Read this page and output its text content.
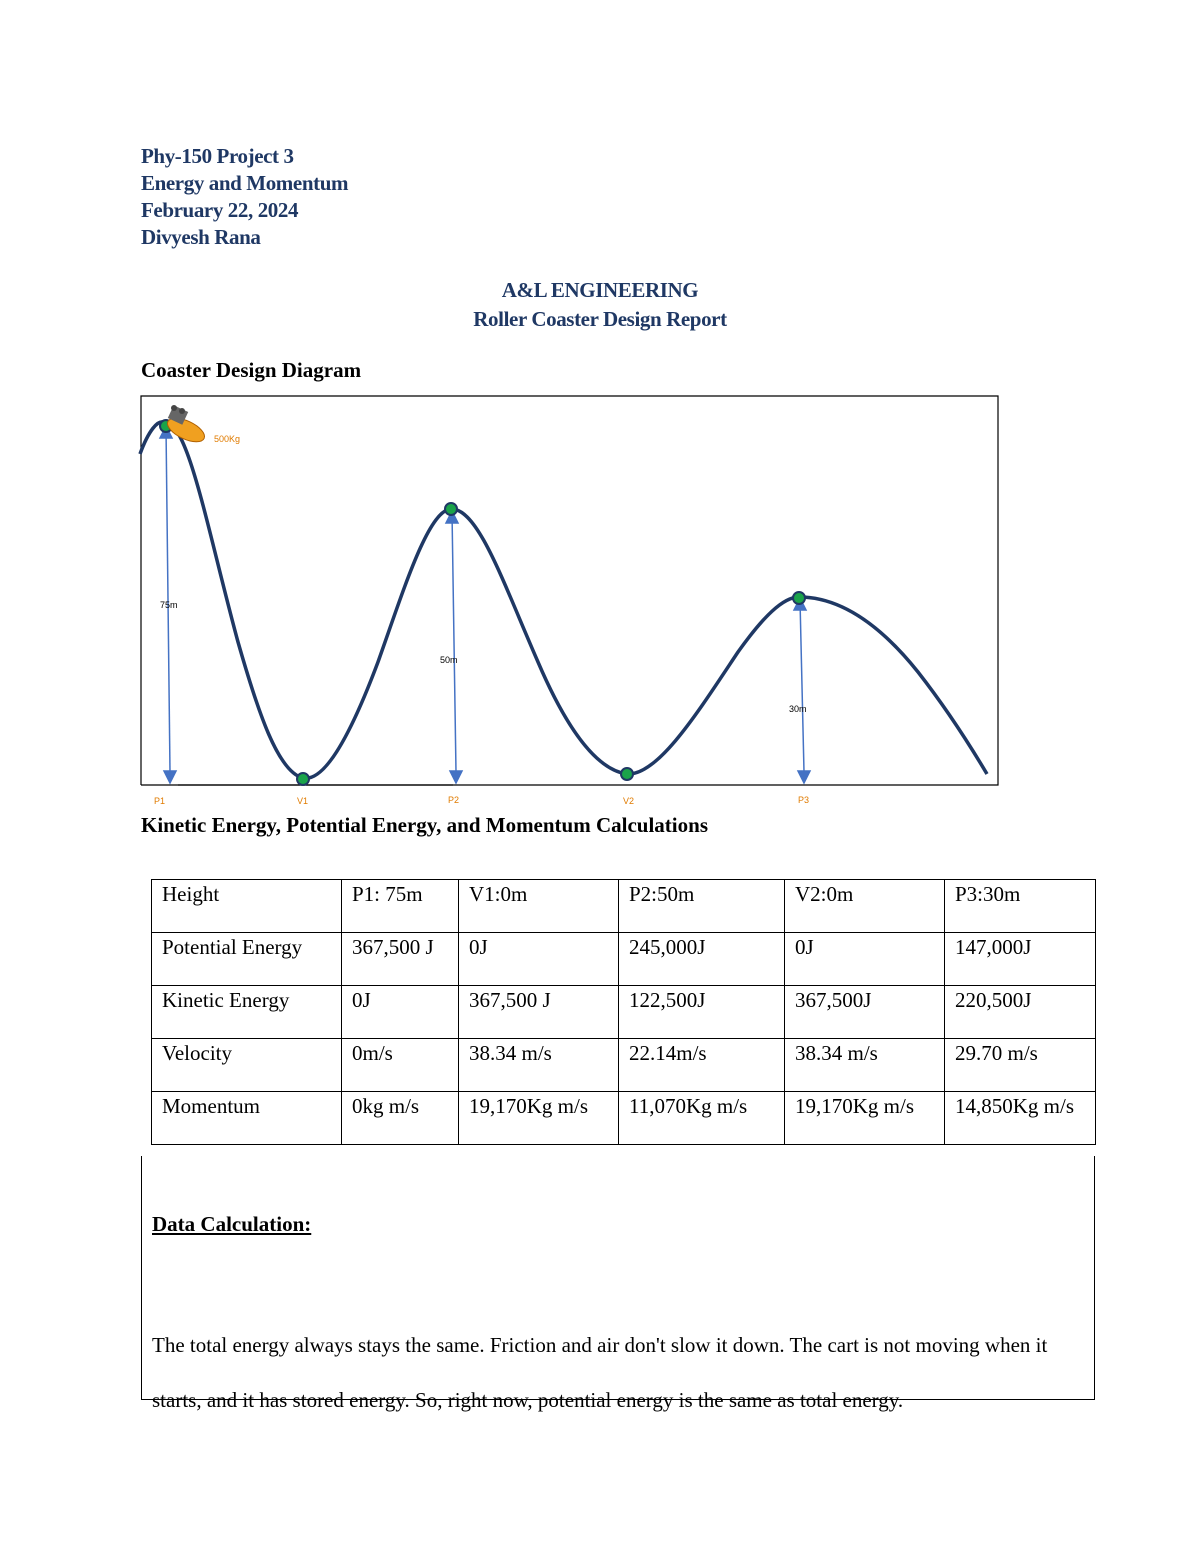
Phy-150 Project 3
Energy and Momentum
February 22, 2024
Divyesh Rana
A&L ENGINEERING
Roller Coaster Design Report
Coaster Design Diagram
500Kg
75m
50m
30m
P1	V1	P2	V2	P3
Kinetic Energy, Potential Energy, and Momentum Calculations
Height	P1: 75m	V1:0m	P2:50m	V2:0m	P3:30m
Potential Energy	367,500 J	0J	245,000J	0J	147,000J
Kinetic Energy	0J	367,500 J	122,500J	367,500J	220,500J
Velocity	0m/s	38.34 m/s	22.14m/s	38.34 m/s	29.70 m/s
Momentum	0kg m/s	19,170Kg m/s	11,070Kg m/s	19,170Kg m/s	14,850Kg m/s
Data Calculation:
The total energy always stays the same. Friction and air don't slow it down. The cart is not moving when it starts, and it has stored energy. So, right now, potential energy is the same as total energy.
